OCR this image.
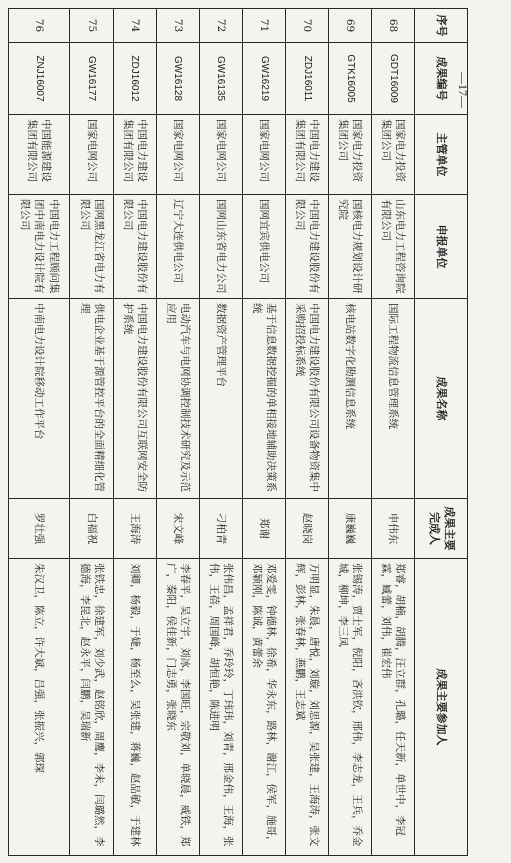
序号	成果编号	主管单位	申报单位	成果名称	成果主要完成人	成果主要参加人
68	GDT16009	国家电力投资集团公司	山东电力工程咨询院有限公司	国际工程物流信息管理系统	申伟东	郑睿，胡楠，胡腾，汪立群，孔璐，任天新，单世中，李冠霖，臧蕾，刘伟，崔宏伟
69	GTK16005	国家电力投资集团公司	国核电力规划设计研究院	核电站数字化勘测信息系统	康巍巍	张锡涛，贾士军，倪阳，吝洪钦，邢伟，李志龙，王兵，乔金城，柳坤，李三凤
70	ZDJ16011	中国电力建设集团有限公司	中国电力建设股份有限公司	中国电力建设股份有限公司设备物资集中采购招投标系统	赵晓岗	万明显，朱晨，唐悦，刘璇，刘思源，吴张建，王海涛，张文辉，彭林，张春林，燕鹏，王志斌
71	GW16219	国家电网公司	国网宜宾供电公司	基于信息数据挖掘的单相接地辅助决策系统	郑谢	邓爱雯，钟德林，徐希，华永东，路林，谢江，侯军，施哥，邓颖刚，陈诚，黄蕾余
72	GW16135	国家电网公司	国网山东省电力公司	数据资产管理平台	刁柏青	张伟昌，孟祥君，乔玲玲，丁玮玮，刘青，邢金伟，王海，张伟，王蓓，周国峰，胡恒艳，陈进明
73	GW16128	国家电网公司	辽宁大连供电公司	电动汽车与电网协调控制技术研究及示范应用	宋文峰	李春平，吴立宇，刘冰，李国旺，宗敬刘，单晓晨，威铁，郑广，秦阳，侯佳新，门志勇，张晓东
74	ZDJ16012	中国电力建设集团有限公司	中国电力建设股份有限公司	中国电力建设股份有限公司互联网安全防护系统	王海涛	刘卿，杨毅，于婕，杨至么，吴张建，蒋巍，赵品敏，于建林
75	GW16177	国家电网公司	国网黑龙江省电力有限公司	供电企业基于源管控平台的全面精细化管理	白福祝	张铁忠，徐建军，刘少武，赵铭欣，周鹰，李未，闫璐然，李德海，李昆北，赵永平，闫鹏，吴瑞新
76	ZNJ16007	中国能源建设集团有限公司	中国电力工程顾问集团中南电力设计院有限公司	中南电力设计院移动工作平台	罗壮强	朱汉卫，陈立，许大斌，吕强，张振兴，郭琛
—17—
